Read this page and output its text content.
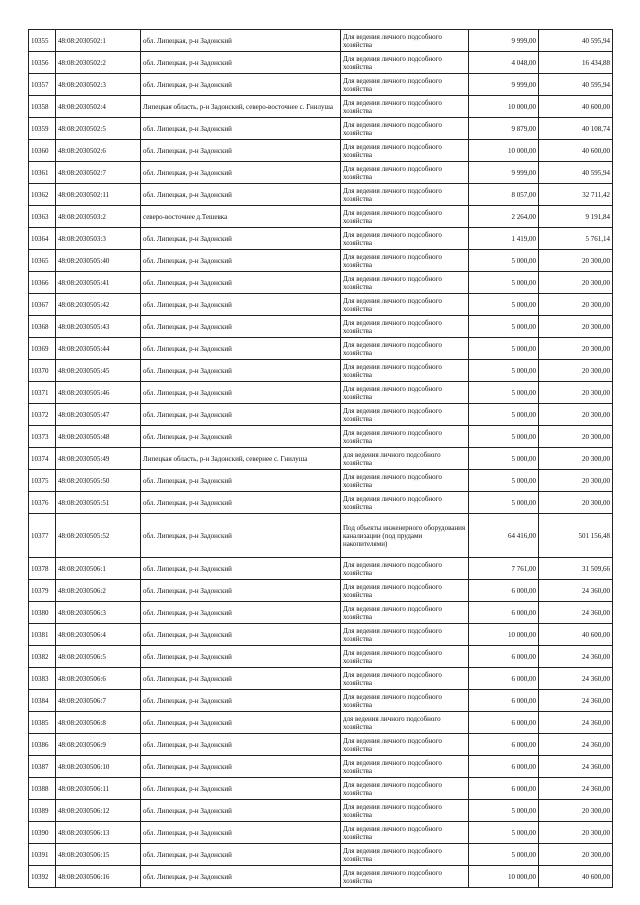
10355	48:08:2030502:1	обл. Липецкая, р-н Задонский	Для ведения личного подсобного хозяйства	9 999,00	40 595,94
10356	48:08:2030502:2	обл. Липецкая, р-н Задонский	Для ведения личного подсобного хозяйства	4 048,00	16 434,88
10357	48:08:2030502:3	обл. Липецкая, р-н Задонский	Для ведения личного подсобного хозяйства	9 999,00	40 595,94
10358	48:08:2030502:4	Липецкая область, р-н Задонский, северо-восточнее с. Гнилуша	Для ведения личного подсобного хозяйства	10 000,00	40 600,00
10359	48:08:2030502:5	обл. Липецкая, р-н Задонский	Для ведения личного подсобного хозяйства	9 879,00	40 108,74
10360	48:08:2030502:6	обл. Липецкая, р-н Задонский	Для ведения личного подсобного хозяйства	10 000,00	40 600,00
10361	48:08:2030502:7	обл. Липецкая, р-н Задонский	Для ведения личного подсобного хозяйства	9 999,00	40 595,94
10362	48:08:2030502:11	обл. Липецкая, р-н Задонский	Для ведения личного подсобного хозяйства	8 057,00	32 711,42
10363	48:08:2030503:2	северо-восточнее д.Тешевка	Для ведения личного подсобного хозяйства	2 264,00	9 191,84
10364	48:08:2030503:3	обл. Липецкая, р-н Задонский	Для ведения личного подсобного хозяйства	1 419,00	5 761,14
10365	48:08:2030505:40	обл. Липецкая, р-н Задонский	Для ведения личного подсобного хозяйства	5 000,00	20 300,00
10366	48:08:2030505:41	обл. Липецкая, р-н Задонский	Для ведения личного подсобного хозяйства	5 000,00	20 300,00
10367	48:08:2030505:42	обл. Липецкая, р-н Задонский	Для ведения личного подсобного хозяйства	5 000,00	20 300,00
10368	48:08:2030505:43	обл. Липецкая, р-н Задонский	Для ведения личного подсобного хозяйства	5 000,00	20 300,00
10369	48:08:2030505:44	обл. Липецкая, р-н Задонский	Для ведения личного подсобного хозяйства	5 000,00	20 300,00
10370	48:08:2030505:45	обл. Липецкая, р-н Задонский	Для ведения личного подсобного хозяйства	5 000,00	20 300,00
10371	48:08:2030505:46	обл. Липецкая, р-н Задонский	Для ведения личного подсобного хозяйства	5 000,00	20 300,00
10372	48:08:2030505:47	обл. Липецкая, р-н Задонский	Для ведения личного подсобного хозяйства	5 000,00	20 300,00
10373	48:08:2030505:48	обл. Липецкая, р-н Задонский	Для ведения личного подсобного хозяйства	5 000,00	20 300,00
10374	48:08:2030505:49	Липецкая область, р-н Задонский, севернее с. Гнилуша	для ведения личного подсобного хозяйства	5 000,00	20 300,00
10375	48:08:2030505:50	обл. Липецкая, р-н Задонский	Для ведения личного подсобного хозяйства	5 000,00	20 300,00
10376	48:08:2030505:51	обл. Липецкая, р-н Задонский	Для ведения личного подсобного хозяйства	5 000,00	20 300,00
10377	48:08:2030505:52	обл. Липецкая, р-н Задонский	Под объекты инженерного оборудования канализации (под прудами накопителями)	64 416,00	501 156,48
10378	48:08:2030506:1	обл. Липецкая, р-н Задонский	Для ведения личного подсобного хозяйства	7 761,00	31 509,66
10379	48:08:2030506:2	обл. Липецкая, р-н Задонский	Для ведения личного подсобного хозяйства	6 000,00	24 360,00
10380	48:08:2030506:3	обл. Липецкая, р-н Задонский	Для ведения личного подсобного хозяйства	6 000,00	24 360,00
10381	48:08:2030506:4	обл. Липецкая, р-н Задонский	Для ведения личного подсобного хозяйства	10 000,00	40 600,00
10382	48:08:2030506:5	обл. Липецкая, р-н Задонский	Для ведения личного подсобного хозяйства	6 000,00	24 360,00
10383	48:08:2030506:6	обл. Липецкая, р-н Задонский	Для ведения личного подсобного хозяйства	6 000,00	24 360,00
10384	48:08:2030506:7	обл. Липецкая, р-н Задонский	Для ведения личного подсобного хозяйства	6 000,00	24 360,00
10385	48:08:2030506:8	обл. Липецкая, р-н Задонский	для ведения личного подсобного хозяйства	6 000,00	24 360,00
10386	48:08:2030506:9	обл. Липецкая, р-н Задонский	Для ведения личного подсобного хозяйства	6 000,00	24 360,00
10387	48:08:2030506:10	обл. Липецкая, р-н Задонский	Для ведения личного подсобного хозяйства	6 000,00	24 360,00
10388	48:08:2030506:11	обл. Липецкая, р-н Задонский	Для ведения личного подсобного хозяйства	6 000,00	24 360,00
10389	48:08:2030506:12	обл. Липецкая, р-н Задонский	Для ведения личного подсобного хозяйства	5 000,00	20 300,00
10390	48:08:2030506:13	обл. Липецкая, р-н Задонский	Для ведения личного подсобного хозяйства	5 000,00	20 300,00
10391	48:08:2030506:15	обл. Липецкая, р-н Задонский	Для ведения личного подсобного хозяйства	5 000,00	20 300,00
10392	48:08:2030506:16	обл. Липецкая, р-н Задонский	Для ведения личного подсобного хозяйства	10 000,00	40 600,00
